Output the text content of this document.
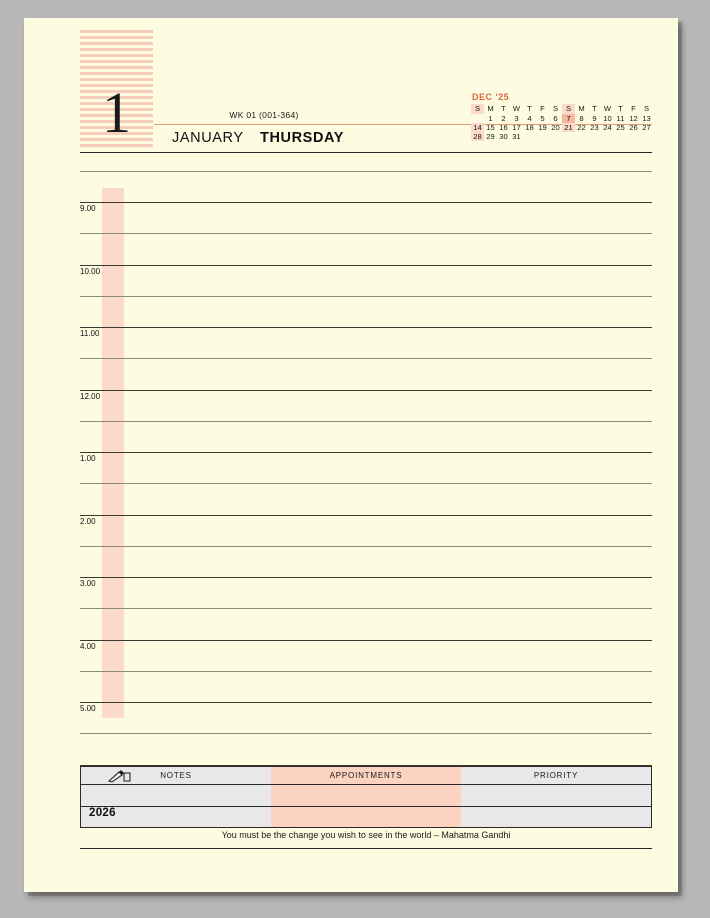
1	WK 01 (001-364)
JANUARY THURSDAY
DEC '25
S	M	T	W	T	F	S	S	M	T	W	T	F	S
	1	2	3	4	5	6	7	8	9	10	11	12	13
14	15	16	17	18	19	20	21	22	23	24	25	26	27
28	29	30	31										
9.00
10.00
11.00
12.00
1.00
2.00
3.00
4.00
5.00
NOTES	APPOINTMENTS	PRIORITY
2026
You must be the change you wish to see in the world – Mahatma Gandhi
